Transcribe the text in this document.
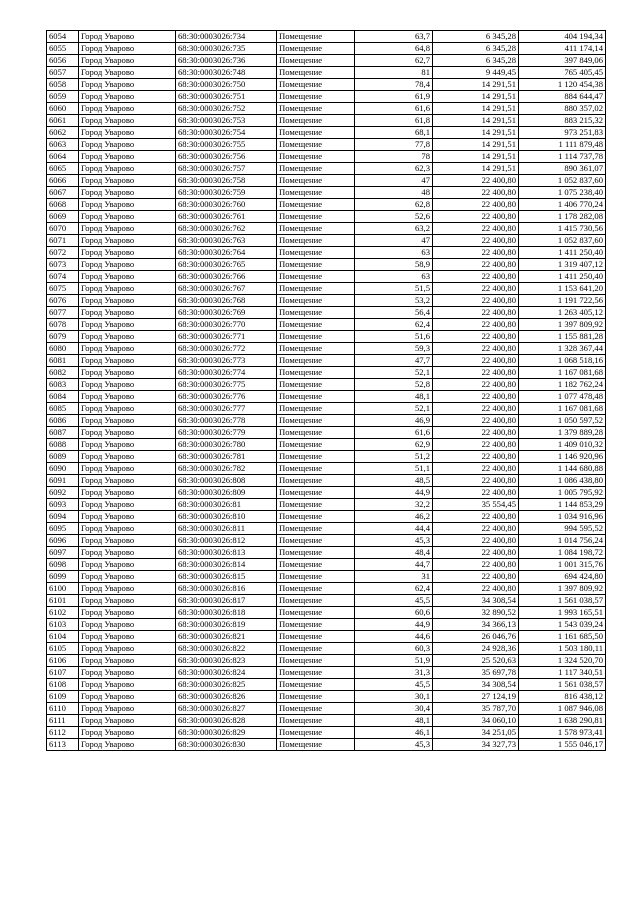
6054	Город Уварово	68:30:0003026:734	Помещение	63,7	6 345,28	404 194,34
6055	Город Уварово	68:30:0003026:735	Помещение	64,8	6 345,28	411 174,14
6056	Город Уварово	68:30:0003026:736	Помещение	62,7	6 345,28	397 849,06
6057	Город Уварово	68:30:0003026:748	Помещение	81	9 449,45	765 405,45
6058	Город Уварово	68:30:0003026:750	Помещение	78,4	14 291,51	1 120 454,38
6059	Город Уварово	68:30:0003026:751	Помещение	61,9	14 291,51	884 644,47
6060	Город Уварово	68:30:0003026:752	Помещение	61,6	14 291,51	880 357,02
6061	Город Уварово	68:30:0003026:753	Помещение	61,8	14 291,51	883 215,32
6062	Город Уварово	68:30:0003026:754	Помещение	68,1	14 291,51	973 251,83
6063	Город Уварово	68:30:0003026:755	Помещение	77,8	14 291,51	1 111 879,48
6064	Город Уварово	68:30:0003026:756	Помещение	78	14 291,51	1 114 737,78
6065	Город Уварово	68:30:0003026:757	Помещение	62,3	14 291,51	890 361,07
6066	Город Уварово	68:30:0003026:758	Помещение	47	22 400,80	1 052 837,60
6067	Город Уварово	68:30:0003026:759	Помещение	48	22 400,80	1 075 238,40
6068	Город Уварово	68:30:0003026:760	Помещение	62,8	22 400,80	1 406 770,24
6069	Город Уварово	68:30:0003026:761	Помещение	52,6	22 400,80	1 178 282,08
6070	Город Уварово	68:30:0003026:762	Помещение	63,2	22 400,80	1 415 730,56
6071	Город Уварово	68:30:0003026:763	Помещение	47	22 400,80	1 052 837,60
6072	Город Уварово	68:30:0003026:764	Помещение	63	22 400,80	1 411 250,40
6073	Город Уварово	68:30:0003026:765	Помещение	58,9	22 400,80	1 319 407,12
6074	Город Уварово	68:30:0003026:766	Помещение	63	22 400,80	1 411 250,40
6075	Город Уварово	68:30:0003026:767	Помещение	51,5	22 400,80	1 153 641,20
6076	Город Уварово	68:30:0003026:768	Помещение	53,2	22 400,80	1 191 722,56
6077	Город Уварово	68:30:0003026:769	Помещение	56,4	22 400,80	1 263 405,12
6078	Город Уварово	68:30:0003026:770	Помещение	62,4	22 400,80	1 397 809,92
6079	Город Уварово	68:30:0003026:771	Помещение	51,6	22 400,80	1 155 881,28
6080	Город Уварово	68:30:0003026:772	Помещение	59,3	22 400,80	1 328 367,44
6081	Город Уварово	68:30:0003026:773	Помещение	47,7	22 400,80	1 068 518,16
6082	Город Уварово	68:30:0003026:774	Помещение	52,1	22 400,80	1 167 081,68
6083	Город Уварово	68:30:0003026:775	Помещение	52,8	22 400,80	1 182 762,24
6084	Город Уварово	68:30:0003026:776	Помещение	48,1	22 400,80	1 077 478,48
6085	Город Уварово	68:30:0003026:777	Помещение	52,1	22 400,80	1 167 081,68
6086	Город Уварово	68:30:0003026:778	Помещение	46,9	22 400,80	1 050 597,52
6087	Город Уварово	68:30:0003026:779	Помещение	61,6	22 400,80	1 379 889,28
6088	Город Уварово	68:30:0003026:780	Помещение	62,9	22 400,80	1 409 010,32
6089	Город Уварово	68:30:0003026:781	Помещение	51,2	22 400,80	1 146 920,96
6090	Город Уварово	68:30:0003026:782	Помещение	51,1	22 400,80	1 144 680,88
6091	Город Уварово	68:30:0003026:808	Помещение	48,5	22 400,80	1 086 438,80
6092	Город Уварово	68:30:0003026:809	Помещение	44,9	22 400,80	1 005 795,92
6093	Город Уварово	68:30:0003026:81	Помещение	32,2	35 554,45	1 144 853,29
6094	Город Уварово	68:30:0003026:810	Помещение	46,2	22 400,80	1 034 916,96
6095	Город Уварово	68:30:0003026:811	Помещение	44,4	22 400,80	994 595,52
6096	Город Уварово	68:30:0003026:812	Помещение	45,3	22 400,80	1 014 756,24
6097	Город Уварово	68:30:0003026:813	Помещение	48,4	22 400,80	1 084 198,72
6098	Город Уварово	68:30:0003026:814	Помещение	44,7	22 400,80	1 001 315,76
6099	Город Уварово	68:30:0003026:815	Помещение	31	22 400,80	694 424,80
6100	Город Уварово	68:30:0003026:816	Помещение	62,4	22 400,80	1 397 809,92
6101	Город Уварово	68:30:0003026:817	Помещение	45,5	34 308,54	1 561 038,57
6102	Город Уварово	68:30:0003026:818	Помещение	60,6	32 890,52	1 993 165,51
6103	Город Уварово	68:30:0003026:819	Помещение	44,9	34 366,13	1 543 039,24
6104	Город Уварово	68:30:0003026:821	Помещение	44,6	26 046,76	1 161 685,50
6105	Город Уварово	68:30:0003026:822	Помещение	60,3	24 928,36	1 503 180,11
6106	Город Уварово	68:30:0003026:823	Помещение	51,9	25 520,63	1 324 520,70
6107	Город Уварово	68:30:0003026:824	Помещение	31,3	35 697,78	1 117 340,51
6108	Город Уварово	68:30:0003026:825	Помещение	45,5	34 308,54	1 561 038,57
6109	Город Уварово	68:30:0003026:826	Помещение	30,1	27 124,19	816 438,12
6110	Город Уварово	68:30:0003026:827	Помещение	30,4	35 787,70	1 087 946,08
6111	Город Уварово	68:30:0003026:828	Помещение	48,1	34 060,10	1 638 290,81
6112	Город Уварово	68:30:0003026:829	Помещение	46,1	34 251,05	1 578 973,41
6113	Город Уварово	68:30:0003026:830	Помещение	45,3	34 327,73	1 555 046,17
